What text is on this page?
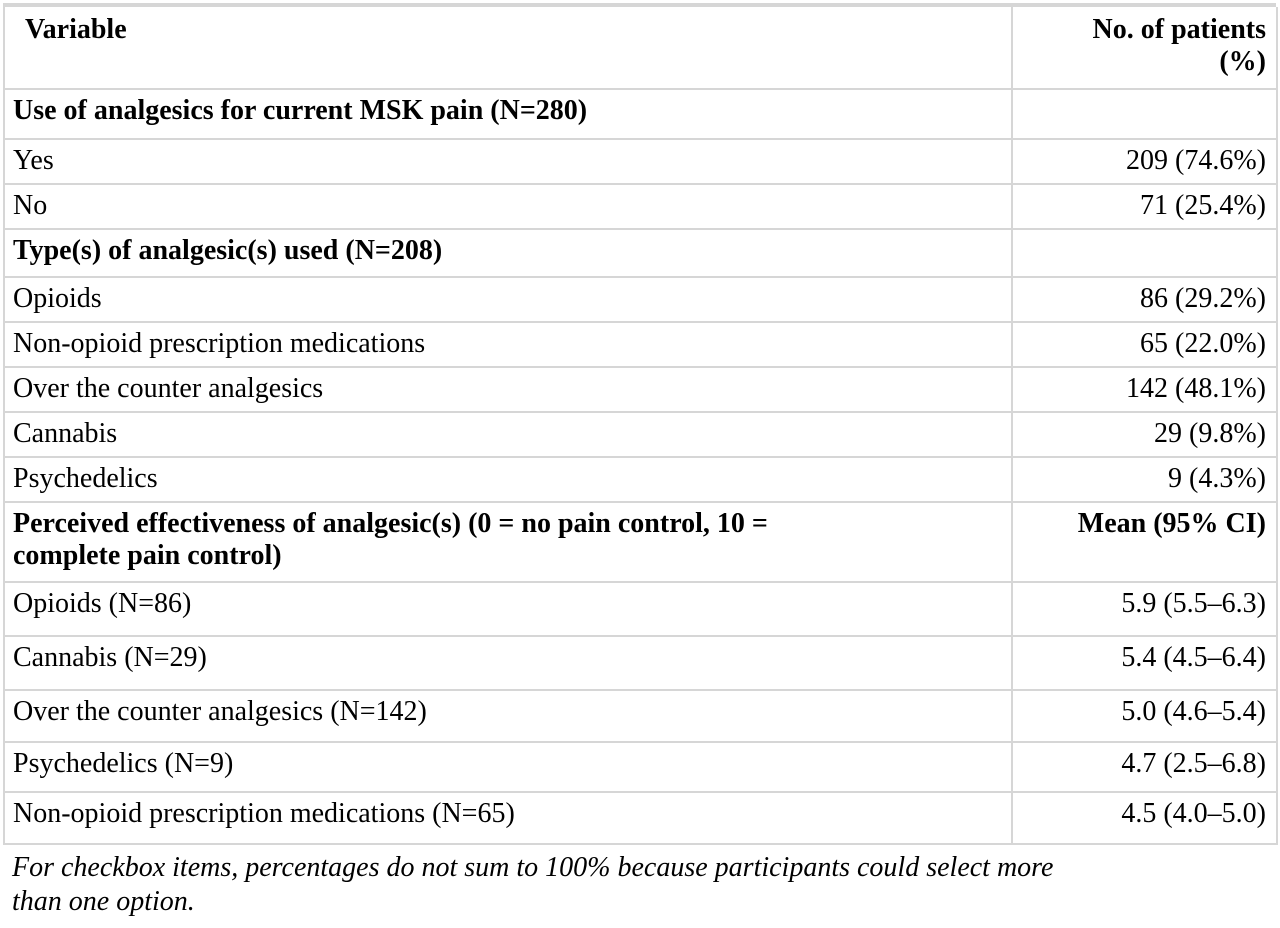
Variable	No. of patients
(%)

Use of analgesics for current MSK pain (N=280)	
Yes	209 (74.6%)
No	71 (25.4%)
Type(s) of analgesic(s) used (N=208)	
Opioids	86 (29.2%)
Non-opioid prescription medications	65 (22.0%)
Over the counter analgesics	142 (48.1%)
Cannabis	29 (9.8%)
Psychedelics	9 (4.3%)

Perceived effectiveness of analgesic(s) (0 = no pain control, 10 =
complete pain control)	Mean (95% CI)
Opioids (N=86)	5.9 (5.5–6.3)
Cannabis (N=29)	5.4 (4.5–6.4)
Over the counter analgesics (N=142)	5.0 (4.6–5.4)
Psychedelics (N=9)	4.7 (2.5–6.8)
Non-opioid prescription medications (N=65)	4.5 (4.0–5.0)
For checkbox items, percentages do not sum to 100% because participants could select more
than one option.
